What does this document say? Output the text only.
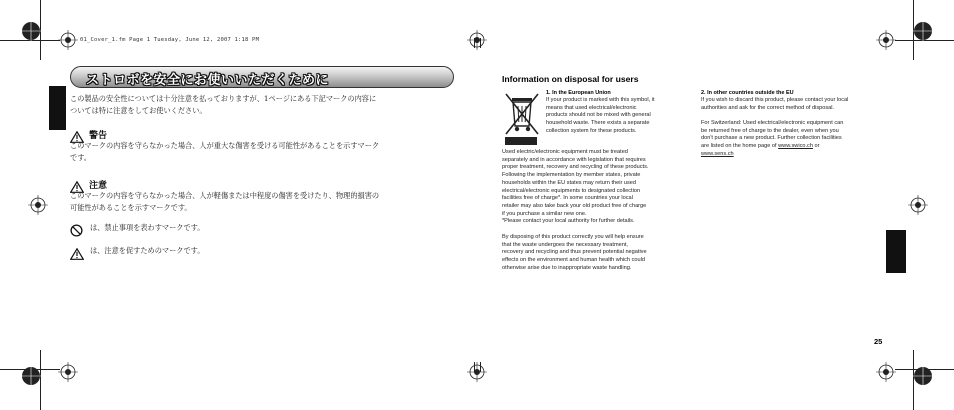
01_Cover_1.fm Page 1 Tuesday, June 12, 2007 1:18 PM
ストロボを安全にお使いいただくために
この製品の安全性については十分注意を払っておりますが、1ページにある下記マークの内容に
ついては特に注意をしてお使いください。
警告
このマークの内容を守らなかった場合、人が重大な傷害を受ける可能性があることを示すマーク
です。
注意
このマークの内容を守らなかった場合、人が軽傷または中程度の傷害を受けたり、物理的損害の
可能性があることを示すマークです。
は、禁止事項を表わすマークです。
は、注意を促すためのマークです。
Information on disposal for users
1. In the European Union
If your product is marked with this symbol, it
means that used electrical/electronic
products should not be mixed with general
household waste. There exists a separate
collection system for these products.
Used electric/electronic equipment must be treated
separately and in accordance with legislation that requires
proper treatment, recovery and recycling of these products.
Following the implementation by member states, private
households within the EU states may return their used
electrical/electronic equipments to designated collection
facilities free of charge*. In some countries your local
retailer may also take back your old product free of charge
if you purchase a similar new one.
*Please contact your local authority for further details.
By disposing of this product correctly you will help ensure
that the waste undergoes the necessary treatment,
recovery and recycling and thus prevent potential negative
effects on the environment and human health which could
otherwise arise due to inappropriate waste handling.
2. In other countries outside the EU
If you wish to discard this product, please contact your local
authorities and ask for the correct method of disposal.
For Switzerland: Used electrical/electronic equipment can
be returned free of charge to the dealer, even when you
don't purchase a new product. Further collection facilities
are listed on the home page of www.swico.ch or
www.sens.ch
25
